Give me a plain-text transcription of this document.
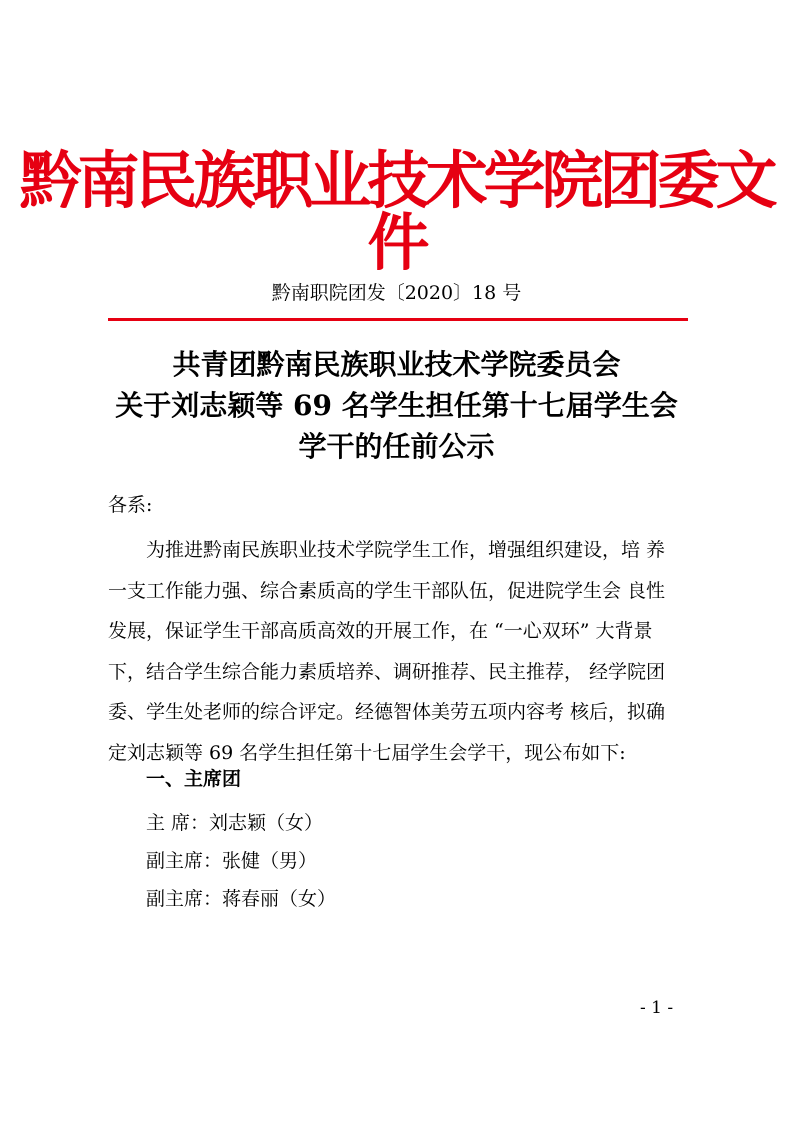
黔南民族职业技术学院团委文件
黔南职院团发〔2020〕18 号
共青团黔南民族职业技术学院委员会
关于刘志颖等 69 名学生担任第十七届学生会
学干的任前公示
各系:
为推进黔南民族职业技术学院学生工作，增强组织建设，培 养
一支工作能力强、综合素质高的学生干部队伍，促进院学生会 良性
发展，保证学生干部高质高效的开展工作，在 “一心双环” 大背景
下，结合学生综合能力素质培养、调研推荐、民主推荐， 经学院团
委、学生处老师的综合评定。经德智体美劳五项内容考 核后，拟确
定刘志颖等 69 名学生担任第十七届学生会学干，现公布如下:
一、主席团
主 席：刘志颖（女）
副主席：张健（男）
副主席：蒋春丽（女）
- 1 -
